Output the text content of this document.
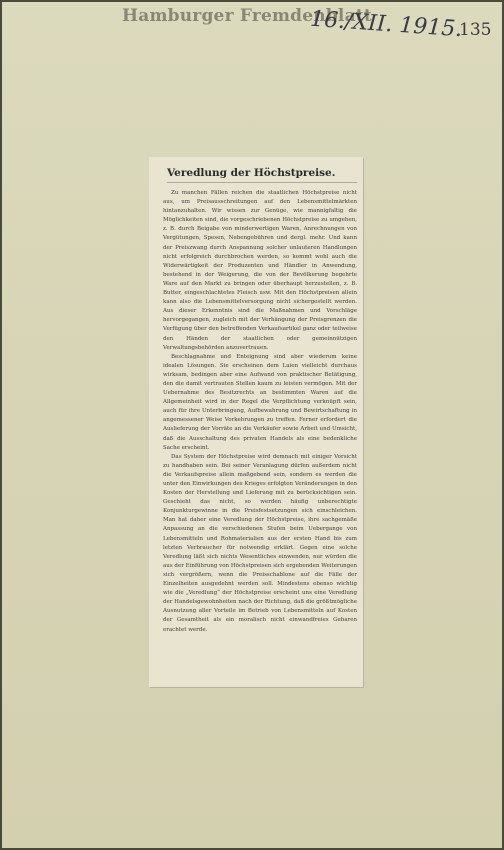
Hamburger Fremdenblatt
16./XII. 1915.
135
Veredlung der Höchstpreise.

Zu manchen Fällen reichen die staatlichen Höchstpreise nicht aus, um Preisausschreitungen auf den Lebensmittelmärkten hintanzuhalten. Wir wissen zur Genüge, wie mannigfaltig die Möglichkeiten sind, die vorgeschriebenen Höchstpreise zu umgehen, z. B. durch Beigabe von minderwertigen Waren, Anrechnungen von Vergütungen, Spesen, Nebengebühren und dergl. mehr. Und kann der Preiszwang durch Anspannung solcher unlauteren Handlungen nicht erfolgreich durchbrochen werden, so kommt wohl auch die Widerwärtigkeit der Produzenten und Händler in Anwendung, bestehend in der Weigerung, die von der Bevölkerung begehrte Ware auf den Markt zu bringen oder überhaupt herzustellen, z. B. Butter, eingeschlachtetes Fleisch usw. Mit den Höchstpreisen allein kann also die Lebensmittelversorgung nicht sichergestellt werden. Aus dieser Erkenntnis sind die Maßnahmen und Vorschläge hervorgegangen, zugleich mit der Verhängung der Preisgrenzen die Verfügung über den betreffenden Verkaufsartikel ganz oder teilweise den Händen der staatlichen oder gemeinnützigen Verwaltungsbehörden anzuvertrauen.

Beschlagnahme und Enteignung sind aber wiederum keine idealen Lösungen. Sie erscheinen dem Laien vielleicht durchaus wirksam, bedingen aber eine Aufwand von praktischer Betätigung, den die damit vertrauten Stellen kaum zu leisten vermögen. Mit der Uebernahme des Besitzrechts an bestimmten Waren auf die Allgemeinheit wird in der Regel die Verpflichtung verknüpft sein, auch für ihre Unterbringung, Aufbewahrung und Bewirtschaftung in angemessener Weise Vorkehrungen zu treffen. Ferner erfordert die Auslieferung der Vorräte an die Verkäufer sowie Arbeit und Umsicht, daß die Ausschaltung des privaten Handels als eine bedenkliche Sache erscheint.

Das System der Höchstpreise wird demnach mit einiger Vorsicht zu handhaben sein. Bei seiner Veranlagung dürfen außerdem nicht die Verkaufspreise allein maßgebend sein, sondern es werden die unter den Einwirkungen des Krieges erfolgten Veränderungen in den Kosten der Herstellung und Lieferung mit zu berücksichtigen sein. Geschieht das nicht, so werden häufig unberechtigte Konjunkturgewinne in die Preisfestsetzungen sich einschleichen. Man hat daher eine Veredlung der Höchstpreise, ihre sachgemäße Anpassung an die verschiedenen Stufen beim Uebergange von Lebensmitteln und Rohmaterialien aus der ersten Hand bis zum letzten Verbraucher für notwendig erklärt. Gegen eine solche Veredlung läßt sich nichts Wesentliches einwenden, nur würden die aus der Einführung von Höchstpreisen sich ergebenden Weiterungen sich vergrößern, wenn die Preisschablone auf die Fälle der Einzelheiten ausgedehnt werden soll. Mindestens ebenso wichtig wie die „Veredlung“ der Höchstpreise erscheint uns eine Veredlung der Handelsgewohnheiten nach der Richtung, daß die größtmögliche Ausnutzung aller Vorteile im Betrieb von Lebensmitteln auf Kosten der Gesamtheit als ein moralisch nicht einwandfreies Gebaren erachtet werde.
